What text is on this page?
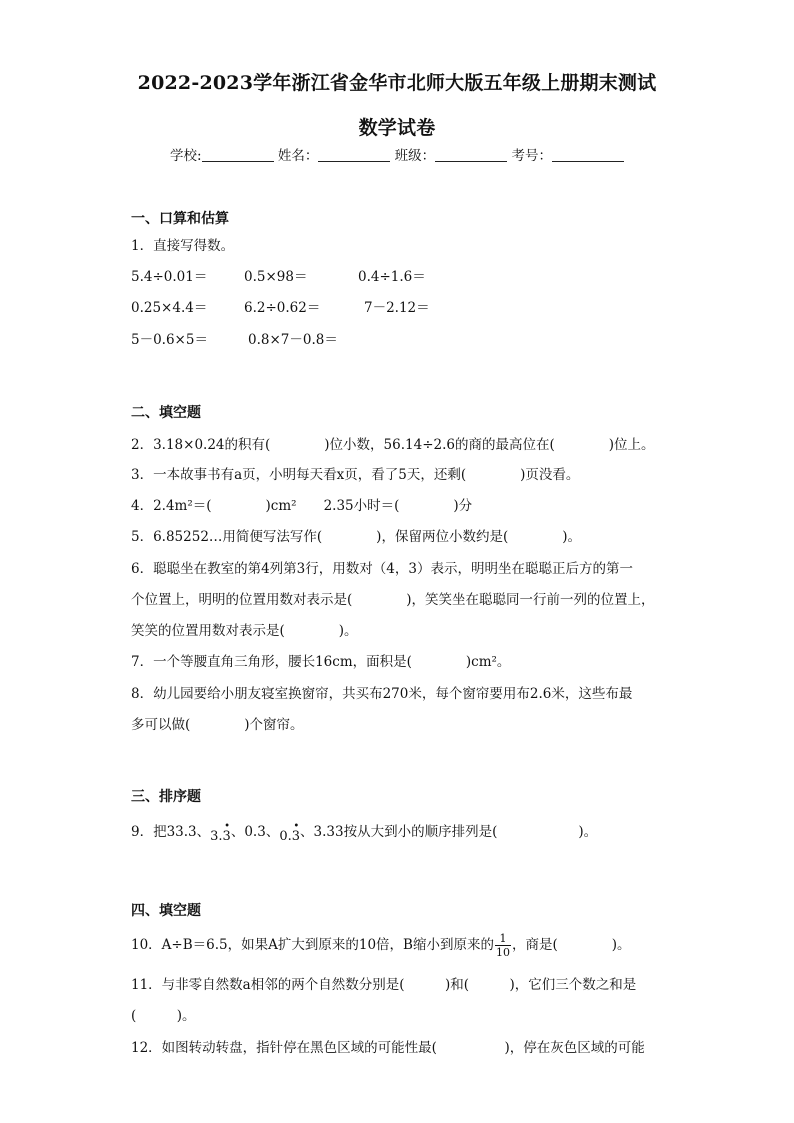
2022-2023学年浙江省金华市北师大版五年级上册期末测试
数学试卷
学校:	姓名：	班级：	考号：
一、口算和估算
1．直接写得数。
5.4÷0.01＝	0.5×98＝	0.4÷1.6＝
0.25×4.4＝	6.2÷0.62＝	7－2.12＝
5－0.6×5＝	0.8×7－0.8＝
二、填空题
2．3.18×0.24的积有(　　　　)位小数，56.14÷2.6的商的最高位在(　　　　)位上。
3．一本故事书有a页，小明每天看x页，看了5天，还剩(　　　　)页没看。
4．2.4m²＝(　　　　)cm²　　2.35小时＝(　　　　)分
5．6.85252…用简便写法写作(　　　　)，保留两位小数约是(　　　　)。
6．聪聪坐在教室的第4列第3行，用数对（4，3）表示，明明坐在聪聪正后方的第一
个位置上，明明的位置用数对表示是(　　　　)，笑笑坐在聪聪同一行前一列的位置上，
笑笑的位置用数对表示是(　　　　)。
7．一个等腰直角三角形，腰长16cm，面积是(　　　　)cm²。
8．幼儿园要给小朋友寝室换窗帘，共买布270米，每个窗帘要用布2.6米，这些布最
多可以做(　　　　)个窗帘。
三、排序题
9．把33.3、3.3
• 、0.3、0.3
• 、3.33按从大到小的顺序排列是(　　　　　　)。
四、填空题
10．A÷B＝6.5，如果A扩大到原来的10倍，B缩小到原来的 $\frac{1}{10}$ ，商是(　　　　)。
11．与非零自然数a相邻的两个自然数分别是(　　　)和(　　　)，它们三个数之和是
(　　　)。
12．如图转动转盘，指针停在黑色区域的可能性最(　　　　　)，停在灰色区域的可能
